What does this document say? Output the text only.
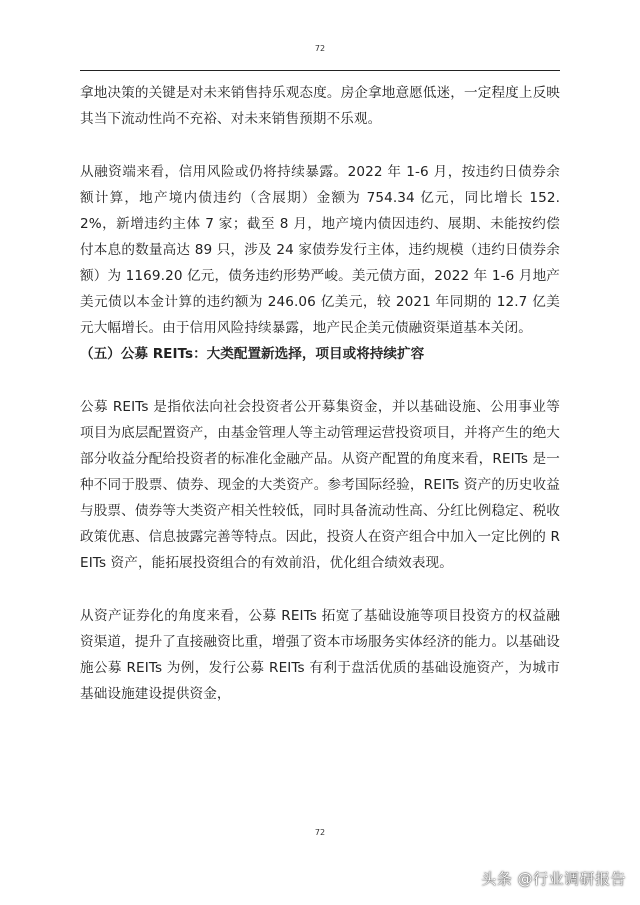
72

拿地决策的关键是对未来销售持乐观态度。房企拿地意愿低迷，一定程度上反映其当下流动性尚不充裕、对未来销售预期不乐观。

从融资端来看，信用风险或仍将持续暴露。2022 年 1-6 月，按违约日债券余额计算，地产境内债违约（含展期）金额为 754.34 亿元，同比增长 152.2%，新增违约主体 7 家；截至 8 月，地产境内债因违约、展期、未能按约偿付本息的数量高达 89 只，涉及 24 家债券发行主体，违约规模（违约日债券余额）为 1169.20 亿元，债务违约形势严峻。美元债方面，2022 年 1-6 月地产美元债以本金计算的违约额为 246.06 亿美元，较 2021 年同期的 12.7 亿美元大幅增长。由于信用风险持续暴露，地产民企美元债融资渠道基本关闭。

（五）公募 REITs：大类配置新选择，项目或将持续扩容

公募 REITs 是指依法向社会投资者公开募集资金，并以基础设施、公用事业等项目为底层配置资产，由基金管理人等主动管理运营投资项目，并将产生的绝大部分收益分配给投资者的标准化金融产品。从资产配置的角度来看，REITs 是一种不同于股票、债券、现金的大类资产。参考国际经验，REITs 资产的历史收益与股票、债券等大类资产相关性较低，同时具备流动性高、分红比例稳定、税收政策优惠、信息披露完善等特点。因此，投资人在资产组合中加入一定比例的 REITs 资产，能拓展投资组合的有效前沿，优化组合绩效表现。

从资产证券化的角度来看，公募 REITs 拓宽了基础设施等项目投资方的权益融资渠道，提升了直接融资比重，增强了资本市场服务实体经济的能力。以基础设施公募 REITs 为例，发行公募 REITs 有利于盘活优质的基础设施资产，为城市基础设施建设提供资金，

72
头条 @行业调研报告
